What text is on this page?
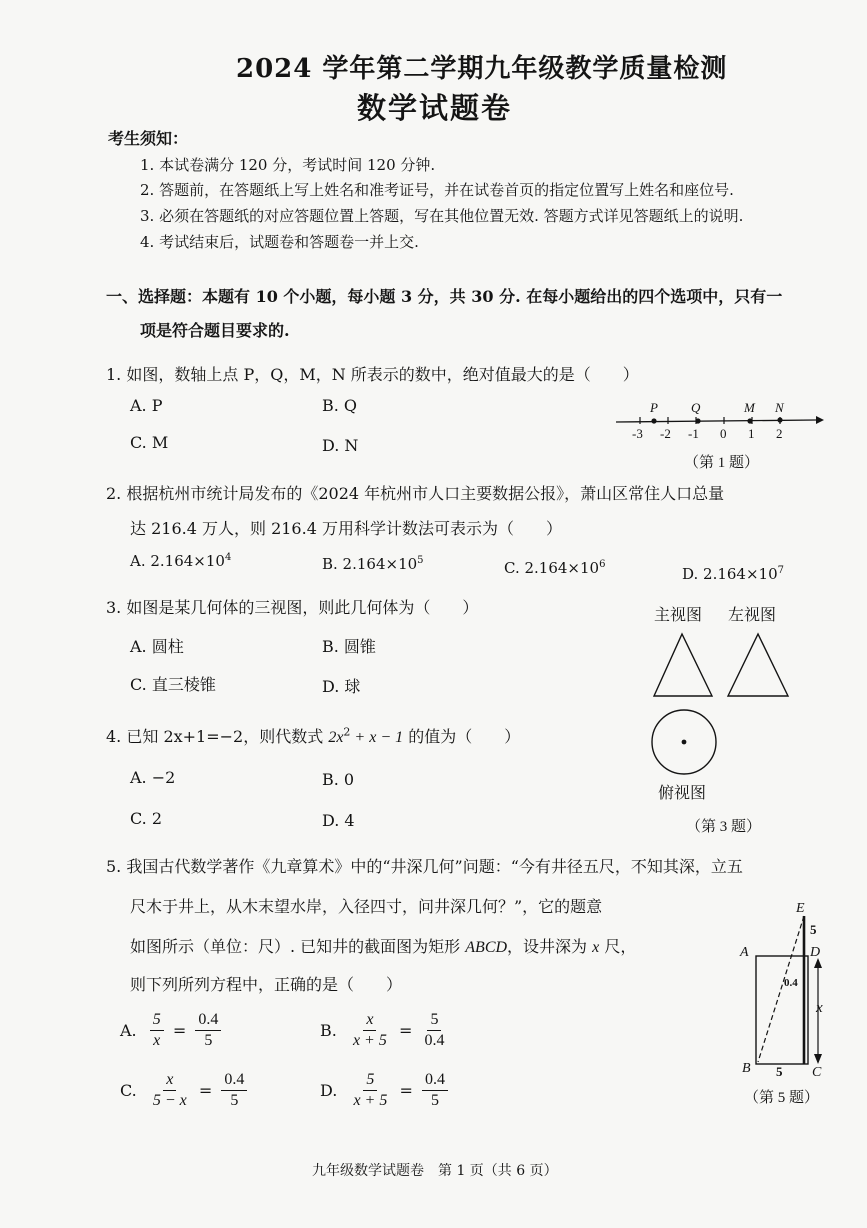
2024 学年第二学期九年级教学质量检测
数学试题卷
考生须知：
1. 本试卷满分 120 分，考试时间 120 分钟.
2. 答题前，在答题纸上写上姓名和准考证号，并在试卷首页的指定位置写上姓名和座位号.
3. 必须在答题纸的对应答题位置上答题，写在其他位置无效. 答题方式详见答题纸上的说明.
4. 考试结束后，试题卷和答题卷一并上交.
一、选择题：本题有 10 个小题，每小题 3 分，共 30 分. 在每小题给出的四个选项中，只有一
项是符合题目要求的.
1. 如图，数轴上点 P，Q，M，N 所表示的数中，绝对值最大的是（　　）
A. P	B. Q
C. M	D. N
P	Q	M N
-3 -2 -1 0 1 2
（第 1 题）
2. 根据杭州市统计局发布的《2024 年杭州市人口主要数据公报》，萧山区常住人口总量
达 216.4 万人，则 216.4 万用科学计数法可表示为（　　）
A. $2.164\times 10^4$	B. $2.164\times 10^5$	C. $2.164\times 10^6$
D. $2.164\times 10^7$
3. 如图是某几何体的三视图，则此几何体为（　　）
A. 圆柱	B. 圆锥
C. 直三棱锥	D. 球
主视图 左视图
俯视图
（第 3 题）
4. 已知 2x+1=−2，则代数式 $2x^2 + x - 1$ 的值为（　　）
A. −2	B. 0
C. 2	D. 4
5. 我国古代数学著作《九章算术》中的“井深几何”问题：“今有井径五尺，不知其深，立五
尺木于井上，从木末望水岸，入径四寸，问井深几何？”，它的题意
如图所示（单位：尺）. 已知井的截面图为矩形 ABCD，设井深为 x 尺，
则下列所列方程中，正确的是（　　）
A. $\frac{5}{x} = \frac{0.4}{5}$	B. $\frac{x}{x + 5} = \frac{5}{0.4}$
C. $\frac{x}{5 - x} = \frac{0.4}{5}$	D. $\frac{5}{x + 5} = \frac{0.4}{5}$
E
5
A	D
0.4
x
B 5 C
（第 5 题）
九年级数学试题卷　第 1 页（共 6 页）
